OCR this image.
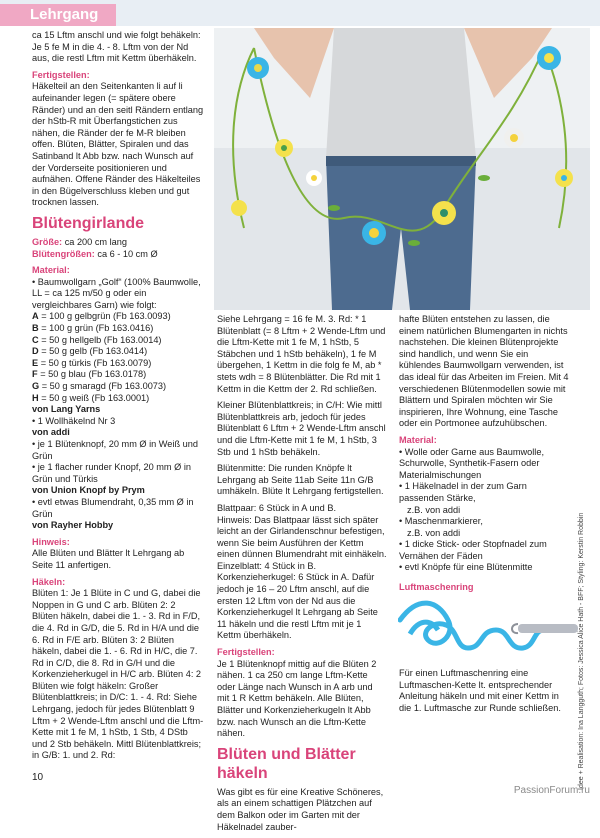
Lehrgang

ca 15 Lftm anschl und wie folgt behäkeln: Je 5 fe M in die 4. - 8. Lftm von der Nd aus, die restl Lftm mit Kettm überhäkeln.

Fertigstellen:

Häkelteil an den Seitenkanten li auf li aufeinander legen (= spätere obere Ränder) und an den seitl Rändern entlang der hStb-R mit Überfangstichen zus nähen, die Ränder der fe M-R bleiben offen. Blüten, Blätter, Spiralen und das Satinband lt Abb bzw. nach Wunsch auf der Vorderseite positionieren und aufnähen. Offene Ränder des Häkelteiles in den Bügelverschluss kleben und gut trocknen lassen.

Blütengirlande
Größe: ca 200 cm lang
Blütengrößen: ca 6 - 10 cm Ø
Material:
• Baumwollgarn „Golf“ (100% Baumwolle, LL = ca 125 m/50 g oder ein vergleichbares Garn) wie folgt:
A = 100 g gelbgrün (Fb 163.0093)
B = 100 g grün (Fb 163.0416)
C = 50 g hellgelb (Fb 163.0014)
D = 50 g gelb (Fb 163.0414)
E = 50 g türkis (Fb 163.0079)
F = 50 g blau (Fb 163.0178)
G = 50 g smaragd (Fb 163.0073)
H = 50 g weiß (Fb 163.0001)
von Lang Yarns
• 1 Wollhäkelnd Nr 3
von addi
• je 1 Blütenknopf, 20 mm Ø in Weiß und Grün
• je 1 flacher runder Knopf, 20 mm Ø in Grün und Türkis
von Union Knopf by Prym
• evtl etwas Blumendraht, 0,35 mm Ø in Grün
von Rayher Hobby
Hinweis:

Alle Blüten und Blätter lt Lehrgang ab Seite 11 anfertigen.

Häkeln:

Blüten 1: Je 1 Blüte in C und G, dabei die Noppen in G und C arb. Blüten 2: 2 Blüten häkeln, dabei die 1. - 3. Rd in F/D, die 4. Rd in G/D, die 5. Rd in H/A und die 6. Rd in F/E arb. Blüten 3: 2 Blüten häkeln, dabei die 1. - 6. Rd in H/C, die 7. Rd in C/D, die 8. Rd in G/H und die Korkenzieherkugel in H/C arb. Blüten 4: 2 Blüten wie folgt häkeln: Großer Blütenblattkreis; in D/C: 1. - 4. Rd: Siehe Lehrgang, jedoch für jedes Blütenblatt 9 Lftm + 2 Wende-Lftm anschl und die Lftm-Kette mit 1 fe M, 1 hStb, 1 Stb, 4 DStb und 2 Stb behäkeln. Mittl Blütenblattkreis; in G/B: 1. und 2. Rd:

Siehe Lehrgang = 16 fe M. 3. Rd: * 1 Blütenblatt (= 8 Lftm + 2 Wende-Lftm und die Lftm-Kette mit 1 fe M, 1 hStb, 5 Stäbchen und 1 hStb behäkeln), 1 fe M übergehen, 1 Kettm in die folg fe M, ab * stets wdh = 8 Blütenblätter. Die Rd mit 1 Kettm in die Kettm der 2. Rd schließen.

Kleiner Blütenblattkreis; in C/H: Wie mittl Blütenblattkreis arb, jedoch für jedes Blütenblatt 6 Lftm + 2 Wende-Lftm anschl und die Lftm-Kette mit 1 fe M, 1 hStb, 3 Stb und 1 hStb behäkeln.

Blütenmitte: Die runden Knöpfe lt Lehrgang ab Seite 11ab Seite 11n G/B umhäkeln. Blüte lt Lehrgang fertigstellen.

Blattpaar: 6 Stück in A und B.

Hinweis: Das Blattpaar lässt sich später leicht an der Girlandenschnur befestigen, wenn Sie beim Ausführen der Kettm einen dünnen Blumendraht mit einhäkeln.

Einzelblatt: 4 Stück in B.

Korkenzieherkugel: 6 Stück in A. Dafür jedoch je 16 – 20 Lftm anschl, auf die ersten 12 Lftm von der Nd aus die Korkenzieherkugel lt Lehrgang ab Seite 11 häkeln und die restl Lftm mit je 1 Kettm überhäkeln.

Fertigstellen:

Je 1 Blütenknopf mittig auf die Blüten 2 nähen. 1 ca 250 cm lange Lftm-Kette oder Länge nach Wunsch in A arb und mit 1 R Kettm behäkeln. Alle Blüten, Blätter und Korkenzieherkugeln lt Abb bzw. nach Wunsch an die Lftm-Kette nähen.

Blüten und Blätter häkeln

Was gibt es für eine Kreative Schöneres, als an einem schattigen Plätzchen auf dem Balkon oder im Garten mit der Häkelnadel zauber-

hafte Blüten entstehen zu lassen, die einem natürlichen Blumengarten in nichts nachstehen. Die kleinen Blütenprojekte sind handlich, und wenn Sie ein kühlendes Baumwollgarn verwenden, ist das ideal für das Arbeiten im Freien. Mit 4 verschiedenen Blütenmodellen sowie mit Blättern und Spiralen möchten wir Sie inspirieren, Ihre Wohnung, eine Tasche oder ein Portmonee aufzuhübschen.

Material:
• Wolle oder Garne aus Baumwolle, Schurwolle, Synthetik-Fasern oder Materialmischungen
• 1 Häkelnadel in der zum Garn passenden Stärke,
z.B. von addi
• Maschenmarkierer,
z.B. von addi
• 1 dicke Stick- oder Stopfnadel zum Vernähen der Fäden
• evtl Knöpfe für eine Blütenmitte
Luftmaschenring

Für einen Luftmaschenring eine Luftmaschen-Kette lt. entsprechender Anleitung häkeln und mit einer Kettm in die 1. Luftmasche zur Runde schließen.	Idee + Realisation: Ina Langguth; Fotos: Jessica Alice Hath - BFF; Styling: Kerstin Robbin
10
PassionForum.ru
